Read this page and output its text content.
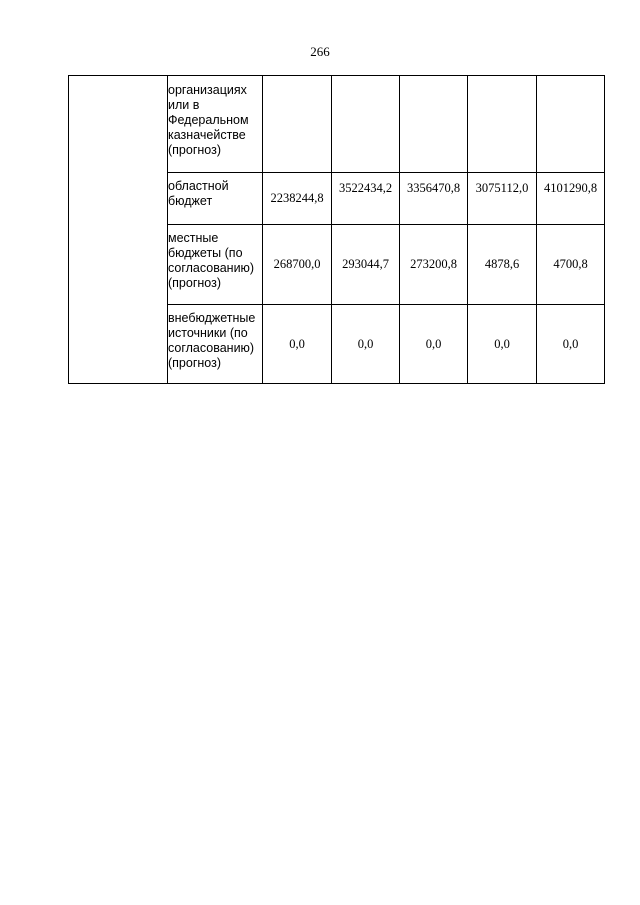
266
	организациях или в Федеральном казначействе (прогноз)					
	областной бюджет	2238244,8	3522434,2	3356470,8	3075112,0	4101290,8
	местные бюджеты (по согласованию) (прогноз)	268700,0	293044,7	273200,8	4878,6	4700,8
	внебюджетные источники (по согласованию) (прогноз)	0,0	0,0	0,0	0,0	0,0
